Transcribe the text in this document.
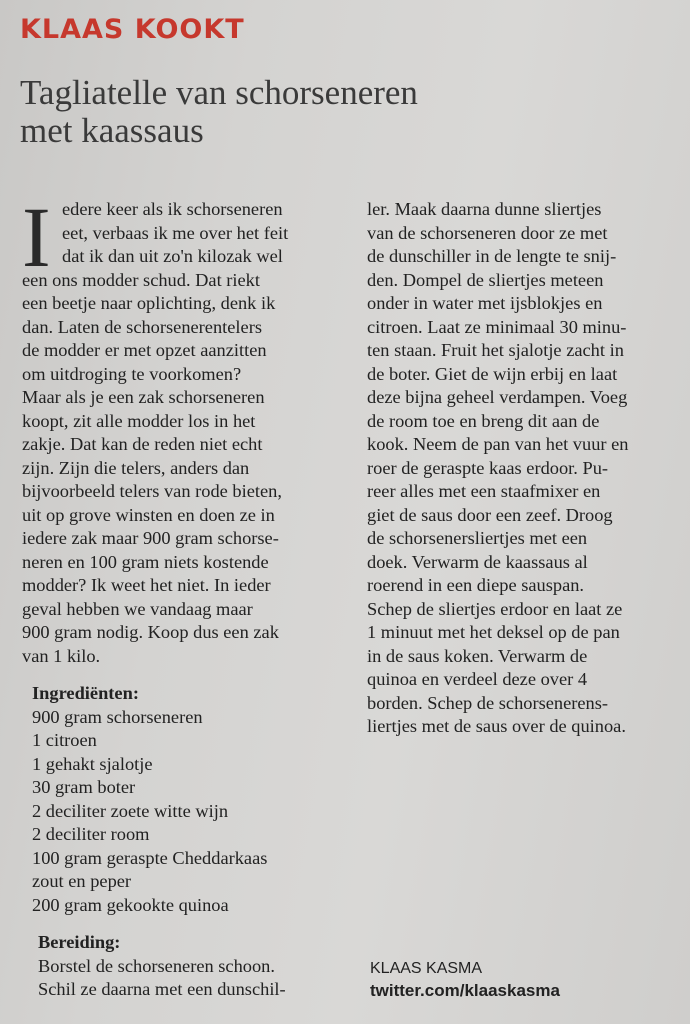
KLAAS KOOKT
Tagliatelle van schorseneren
met kaassaus
I edere keer als ik schorseneren
eet, verbaas ik me over het feit
dat ik dan uit zo'n kilozak wel
een ons modder schud. Dat riekt
een beetje naar oplichting, denk ik
dan. Laten de schorsenerentelers
de modder er met opzet aanzitten
om uitdroging te voorkomen?
Maar als je een zak schorseneren
koopt, zit alle modder los in het
zakje. Dat kan de reden niet echt
zijn. Zijn die telers, anders dan
bijvoorbeeld telers van rode bieten,
uit op grove winsten en doen ze in
iedere zak maar 900 gram schorse-
neren en 100 gram niets kostende
modder? Ik weet het niet. In ieder
geval hebben we vandaag maar
900 gram nodig. Koop dus een zak
van 1 kilo.
Ingrediënten:
900 gram schorseneren
1 citroen
1 gehakt sjalotje
30 gram boter
2 deciliter zoete witte wijn
2 deciliter room
100 gram geraspte Cheddarkaas
zout en peper
200 gram gekookte quinoa
Bereiding:
Borstel de schorseneren schoon.
Schil ze daarna met een dunschil-
ler. Maak daarna dunne sliertjes
van de schorseneren door ze met
de dunschiller in de lengte te snij-
den. Dompel de sliertjes meteen
onder in water met ijsblokjes en
citroen. Laat ze minimaal 30 minu-
ten staan. Fruit het sjalotje zacht in
de boter. Giet de wijn erbij en laat
deze bijna geheel verdampen. Voeg
de room toe en breng dit aan de
kook. Neem de pan van het vuur en
roer de geraspte kaas erdoor. Pu-
reer alles met een staafmixer en
giet de saus door een zeef. Droog
de schorsenersliertjes met een
doek. Verwarm de kaassaus al
roerend in een diepe sauspan.
Schep de sliertjes erdoor en laat ze
1 minuut met het deksel op de pan
in de saus koken. Verwarm de
quinoa en verdeel deze over 4
borden. Schep de schorsenerens-
liertjes met de saus over de quinoa.
KLAAS KASMA
twitter.com/klaaskasma
